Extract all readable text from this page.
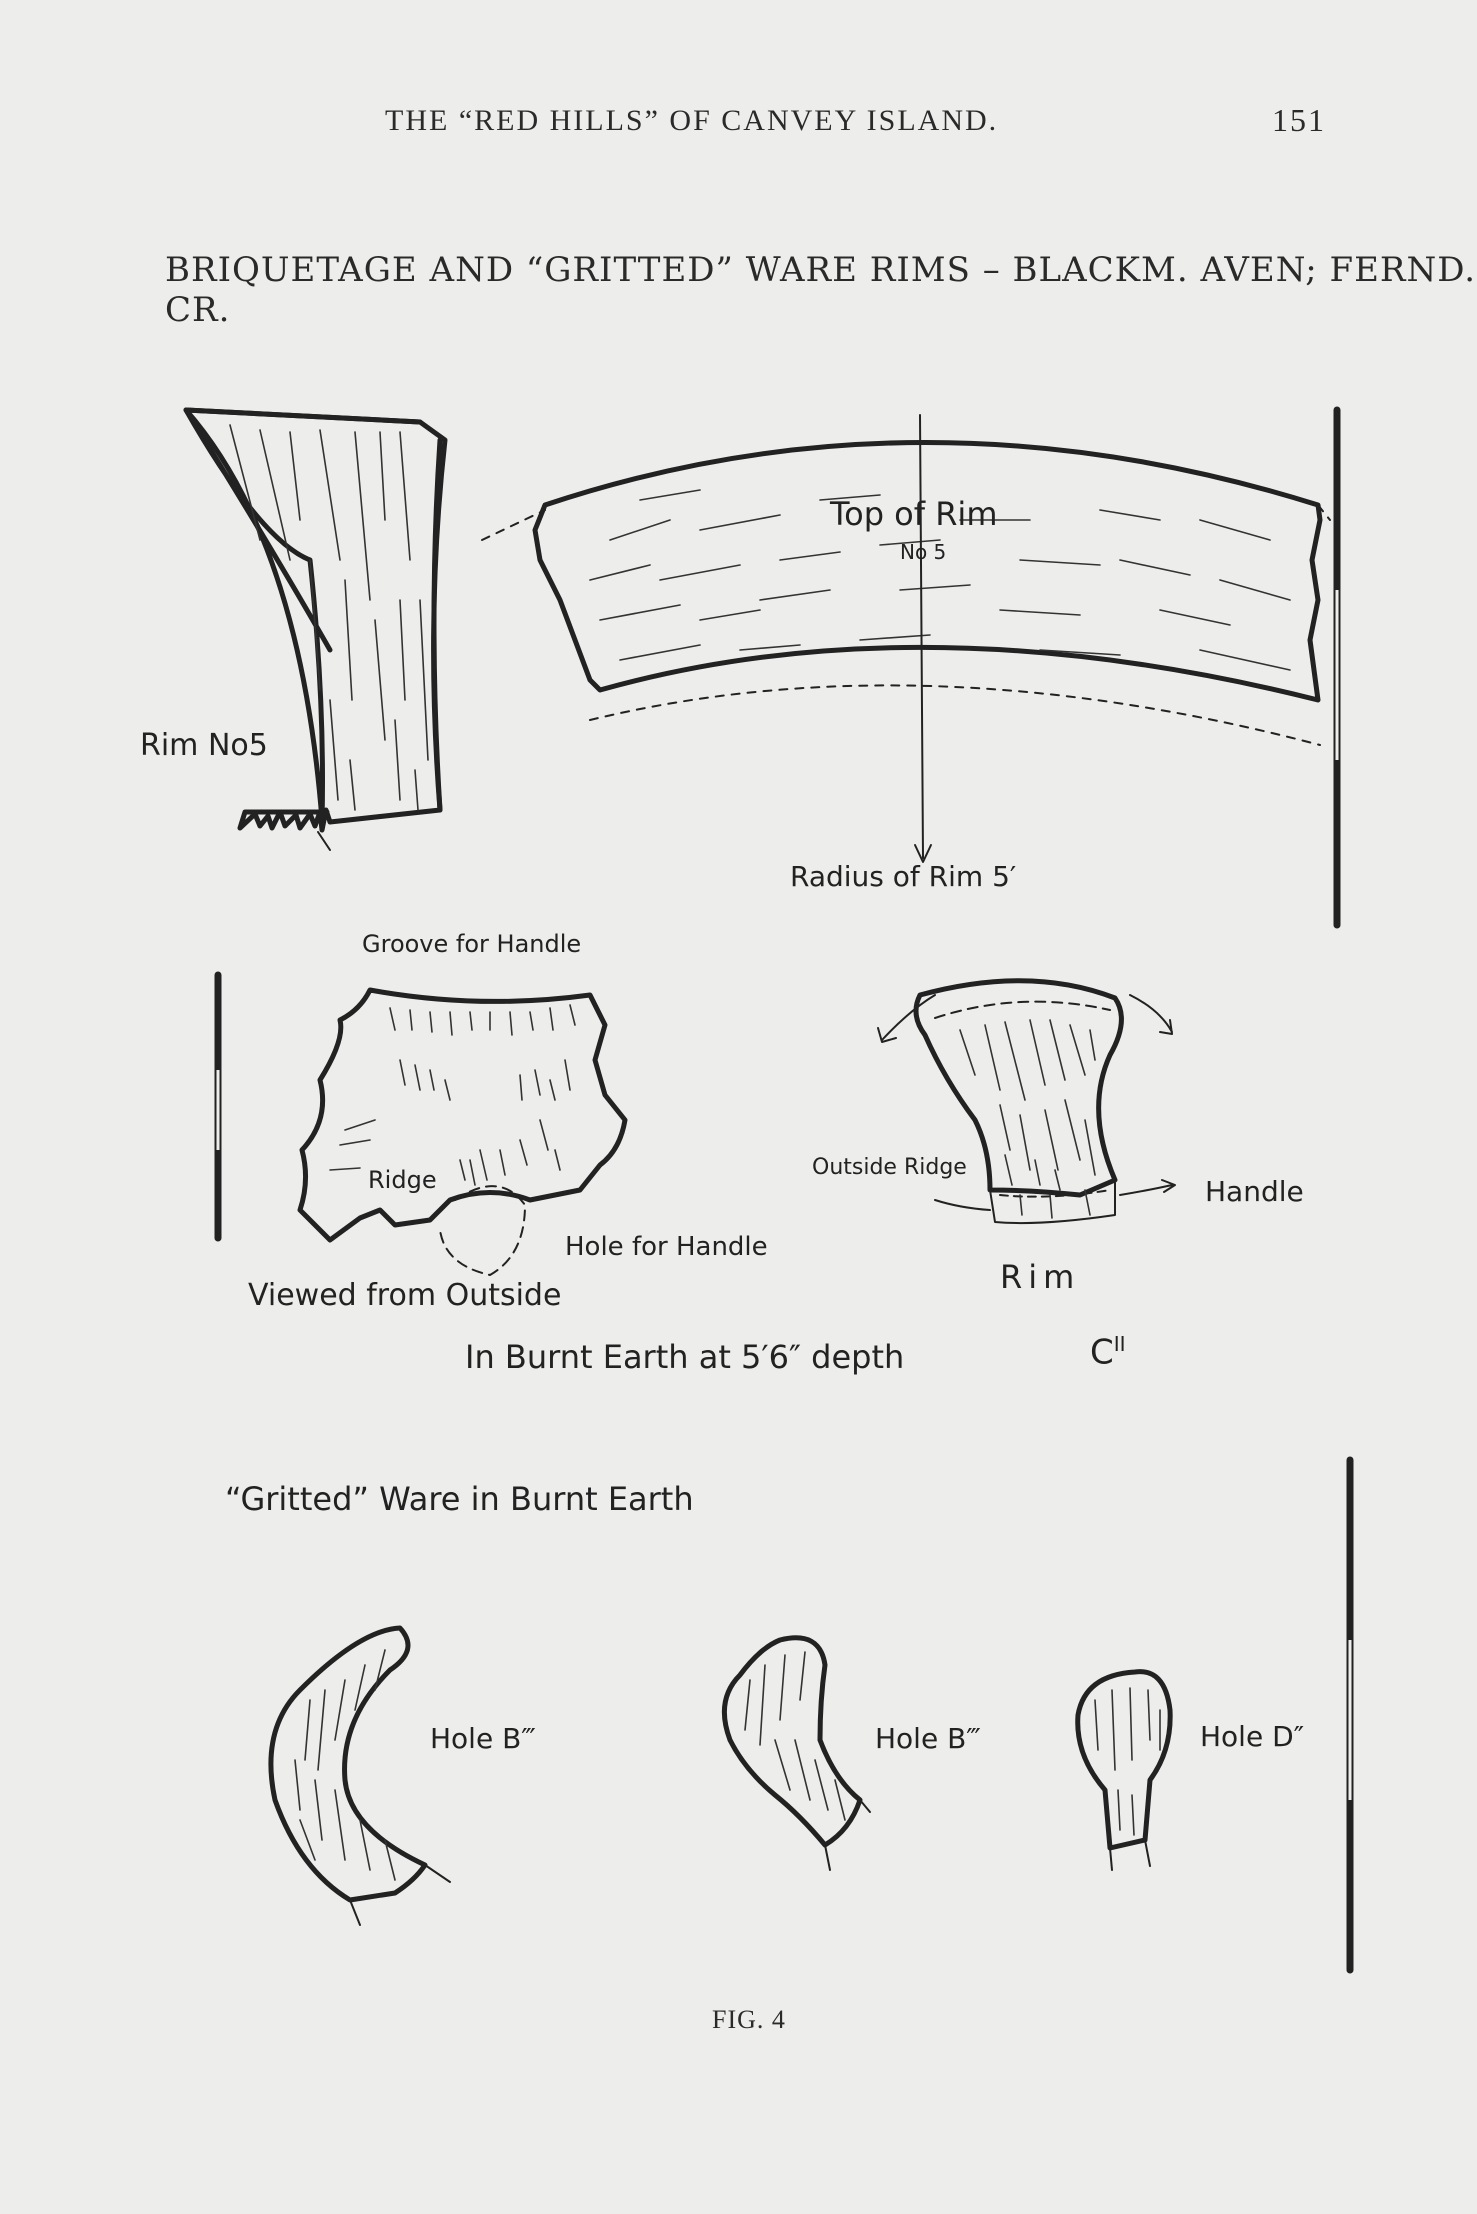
THE “RED HILLS” OF CANVEY ISLAND.	151
BRIQUETAGE AND “GRITTED” WARE RIMS – BLACKM. AVEN; FERND. CR.
Rim No5
Top of Rim
No 5
Radius of Rim 5′
Groove for Handle
Ridge
Hole for Handle
Outside Ridge
Handle
Rim
Viewed from Outside
In Burnt Earth at 5′6″ depth	$C^{II}$
“Gritted” Ware in Burnt Earth
Hole B‴	Hole B‴	Hole D″
FIG. 4
